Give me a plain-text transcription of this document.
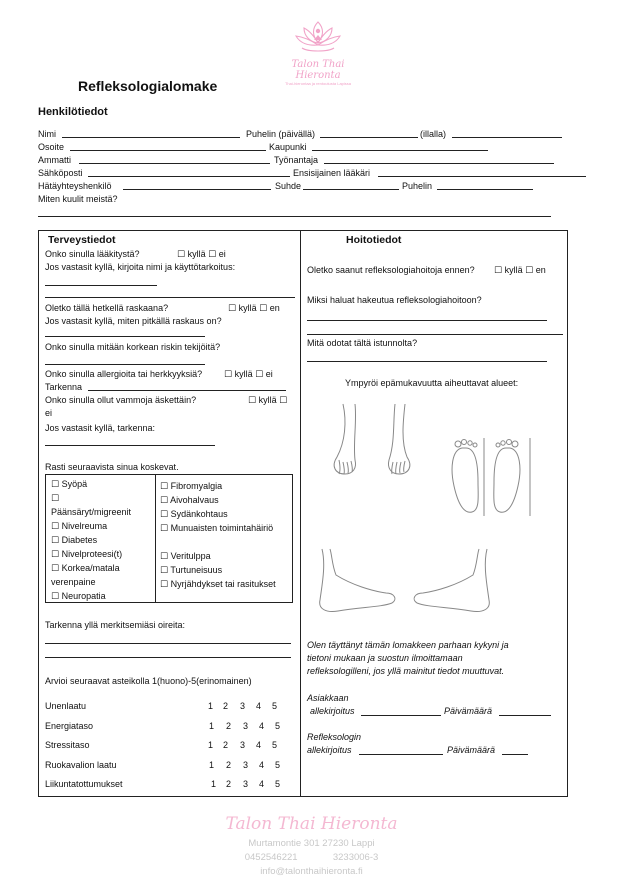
Talon Thai Hieronta
Thai-hierontaa ja rentoutusta Lapissa
Refleksologialomake
Henkilötiedot
Nimi	Puhelin (päivällä)	(illalla)
Osoite	Kaupunki
Ammatti	Työnantaja
Sähköposti	Ensisijainen lääkäri
Hätäyhteyshenkilö	Suhde	Puhelin
Miten kuulit meistä?
Terveystiedot
Onko sinulla lääkitystä?	☐ kyllä ☐ ei
Jos vastasit kyllä, kirjoita nimi ja käyttötarkoitus:
Oletko tällä hetkellä raskaana?	☐ kyllä ☐ en
Jos vastasit kyllä, miten pitkällä raskaus on?
Onko sinulla mitään korkean riskin tekijöitä?
Onko sinulla allergioita tai herkkyyksiä? ☐ kyllä ☐ ei
Tarkenna
Onko sinulla ollut vammoja äskettäin?	☐ kyllä ☐
ei
Jos vastasit kyllä, tarkenna:
Rasti seuraavista sinua koskevat.
Tarkenna yllä merkitsemiäsi oireita:
Arvioi seuraavat asteikolla 1(huono)-5(erinomainen)
Hoitotiedot
Oletko saanut refleksologiahoitoja ennen? ☐ kyllä ☐ en
Miksi haluat hakeutua refleksologiahoitoon?
Mitä odotat tältä istunnolta?
Ympyröi epämukavuutta aiheuttavat alueet:
Asiakkaan
allekirjoitus	Päivämäärä
Refleksologin
allekirjoitus	Päivämäärä
Talon Thai Hieronta
Murtamontie 301 27230 Lappi
0452546221	3233006-3
info@talonthaihieronta.fi
☐ Syöpä
☐
Päänsäryt/migreenit
☐ Nivelreuma
☐ Diabetes
☐ Nivelproteesi(t)
☐ Korkea/matala verenpaine
☐ Neuropatia
☐ Fibromyalgia
☐ Aivohalvaus
☐ Sydänkohtaus
☐ Munuaisten toimintahäiriö
☐ Veritulppa
☐ Turtuneisuus
☐ Nyrjähdykset tai rasitukset
Unenlaatu	1 2 3 4 5
Energiataso	1 2 3 4 5
Stressitaso	1 2 3 4 5
Ruokavalion laatu	1 2 3 4 5
Liikuntatottumukset	1 2 3 4 5
Olen täyttänyt tämän lomakkeen parhaan kykyni ja
tietoni mukaan ja suostun ilmoittamaan
refleksologilleni, jos yllä mainitut tiedot muuttuvat.
